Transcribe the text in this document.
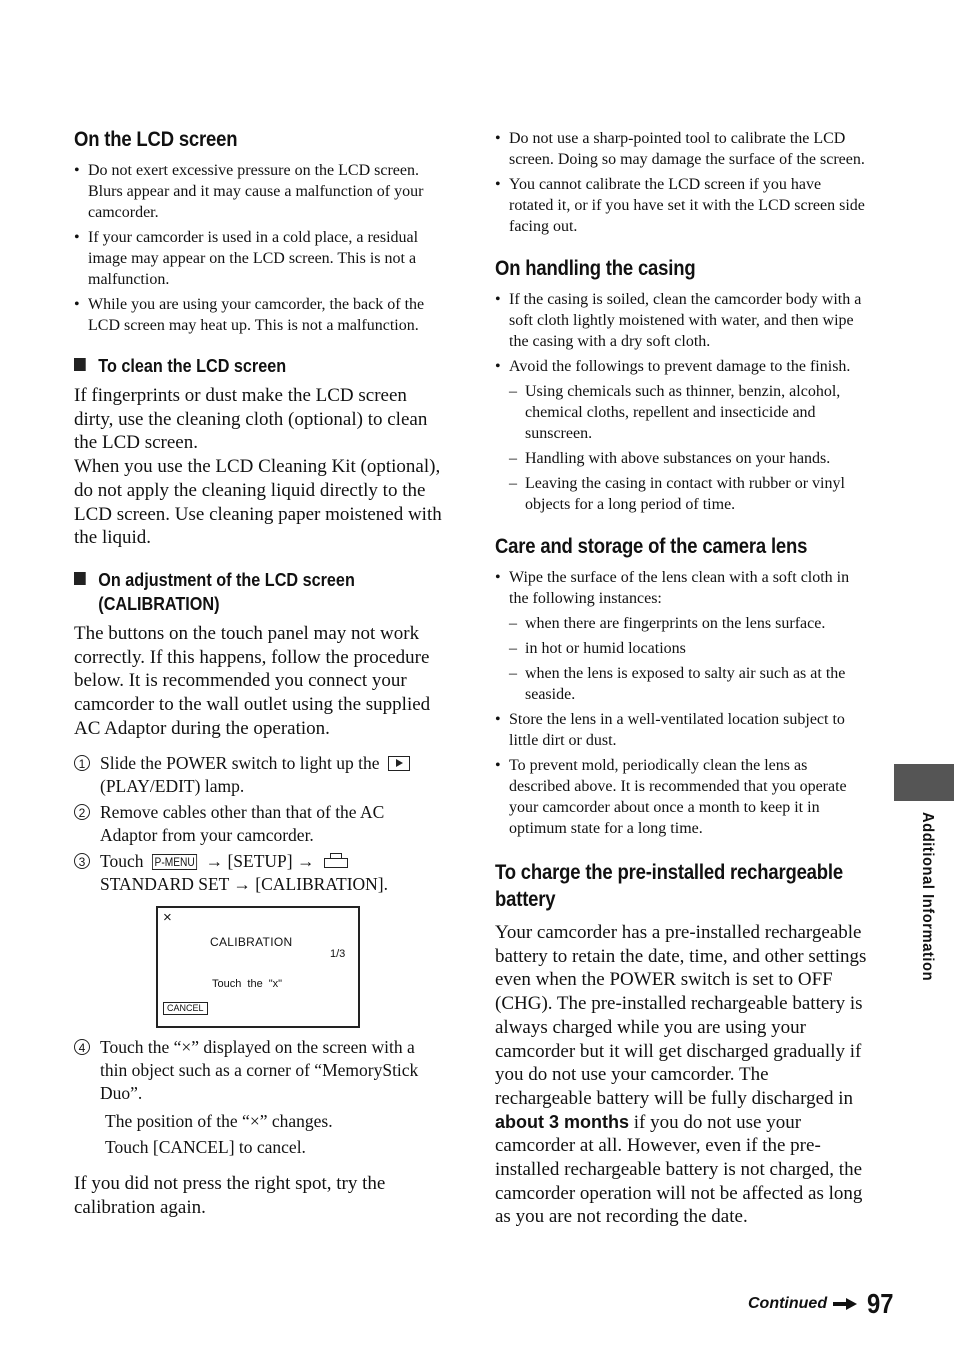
On the LCD screen
• Do not exert excessive pressure on the LCD screen. Blurs appear and it may cause a malfunction of your camcorder.
• If your camcorder is used in a cold place, a residual image may appear on the LCD screen. This is not a malfunction.
• While you are using your camcorder, the back of the LCD screen may heat up. This is not a malfunction.
To clean the LCD screen

If fingerprints or dust make the LCD screen dirty, use the cleaning cloth (optional) to clean the LCD screen.

When you use the LCD Cleaning Kit (optional), do not apply the cleaning liquid directly to the LCD screen. Use cleaning paper moistened with the liquid.

On adjustment of the LCD screen
(CALIBRATION)

The buttons on the touch panel may not work correctly. If this happens, follow the procedure below. It is recommended you connect your camcorder to the wall outlet using the supplied AC Adaptor during the operation.

1 Slide the POWER switch to light up the
(PLAY/EDIT) lamp.
2 Remove cables other than that of the AC Adaptor from your camcorder.
3 Touch P-MENU → [SETUP] →
STANDARD SET → [CALIBRATION].
×
CALIBRATION
1/3
Touch the "x"
CANCEL
4 Touch the “×” displayed on the screen with a thin object such as a corner of “MemoryStick Duo”.
The position of the “×” changes.
Touch [CANCEL] to cancel.

If you did not press the right spot, try the calibration again.

• Do not use a sharp-pointed tool to calibrate the LCD screen. Doing so may damage the surface of the screen.
• You cannot calibrate the LCD screen if you have rotated it, or if you have set it with the LCD screen side facing out.
On handling the casing
• If the casing is soiled, clean the camcorder body with a soft cloth lightly moistened with water, and then wipe the casing with a dry soft cloth.
• Avoid the followings to prevent damage to the finish.
– Using chemicals such as thinner, benzin, alcohol, chemical cloths, repellent and insecticide and sunscreen.
– Handling with above substances on your hands.
– Leaving the casing in contact with rubber or vinyl objects for a long period of time.
Care and storage of the camera lens
• Wipe the surface of the lens clean with a soft cloth in the following instances:
– when there are fingerprints on the lens surface.
– in hot or humid locations
– when the lens is exposed to salty air such as at the seaside.
• Store the lens in a well-ventilated location subject to little dirt or dust.
• To prevent mold, periodically clean the lens as described above. It is recommended that you operate your camcorder about once a month to keep it in optimum state for a long time.
To charge the pre-installed rechargeable battery

Your camcorder has a pre-installed rechargeable battery to retain the date, time, and other settings even when the POWER switch is set to OFF (CHG). The pre-installed rechargeable battery is always charged while you are using your camcorder but it will get discharged gradually if you do not use your camcorder. The rechargeable battery will be fully discharged in about 3 months if you do not use your camcorder at all. However, even if the pre-installed rechargeable battery is not charged, the camcorder operation will not be affected as long as you are not recording the date.

Additional Information
Continued 97
